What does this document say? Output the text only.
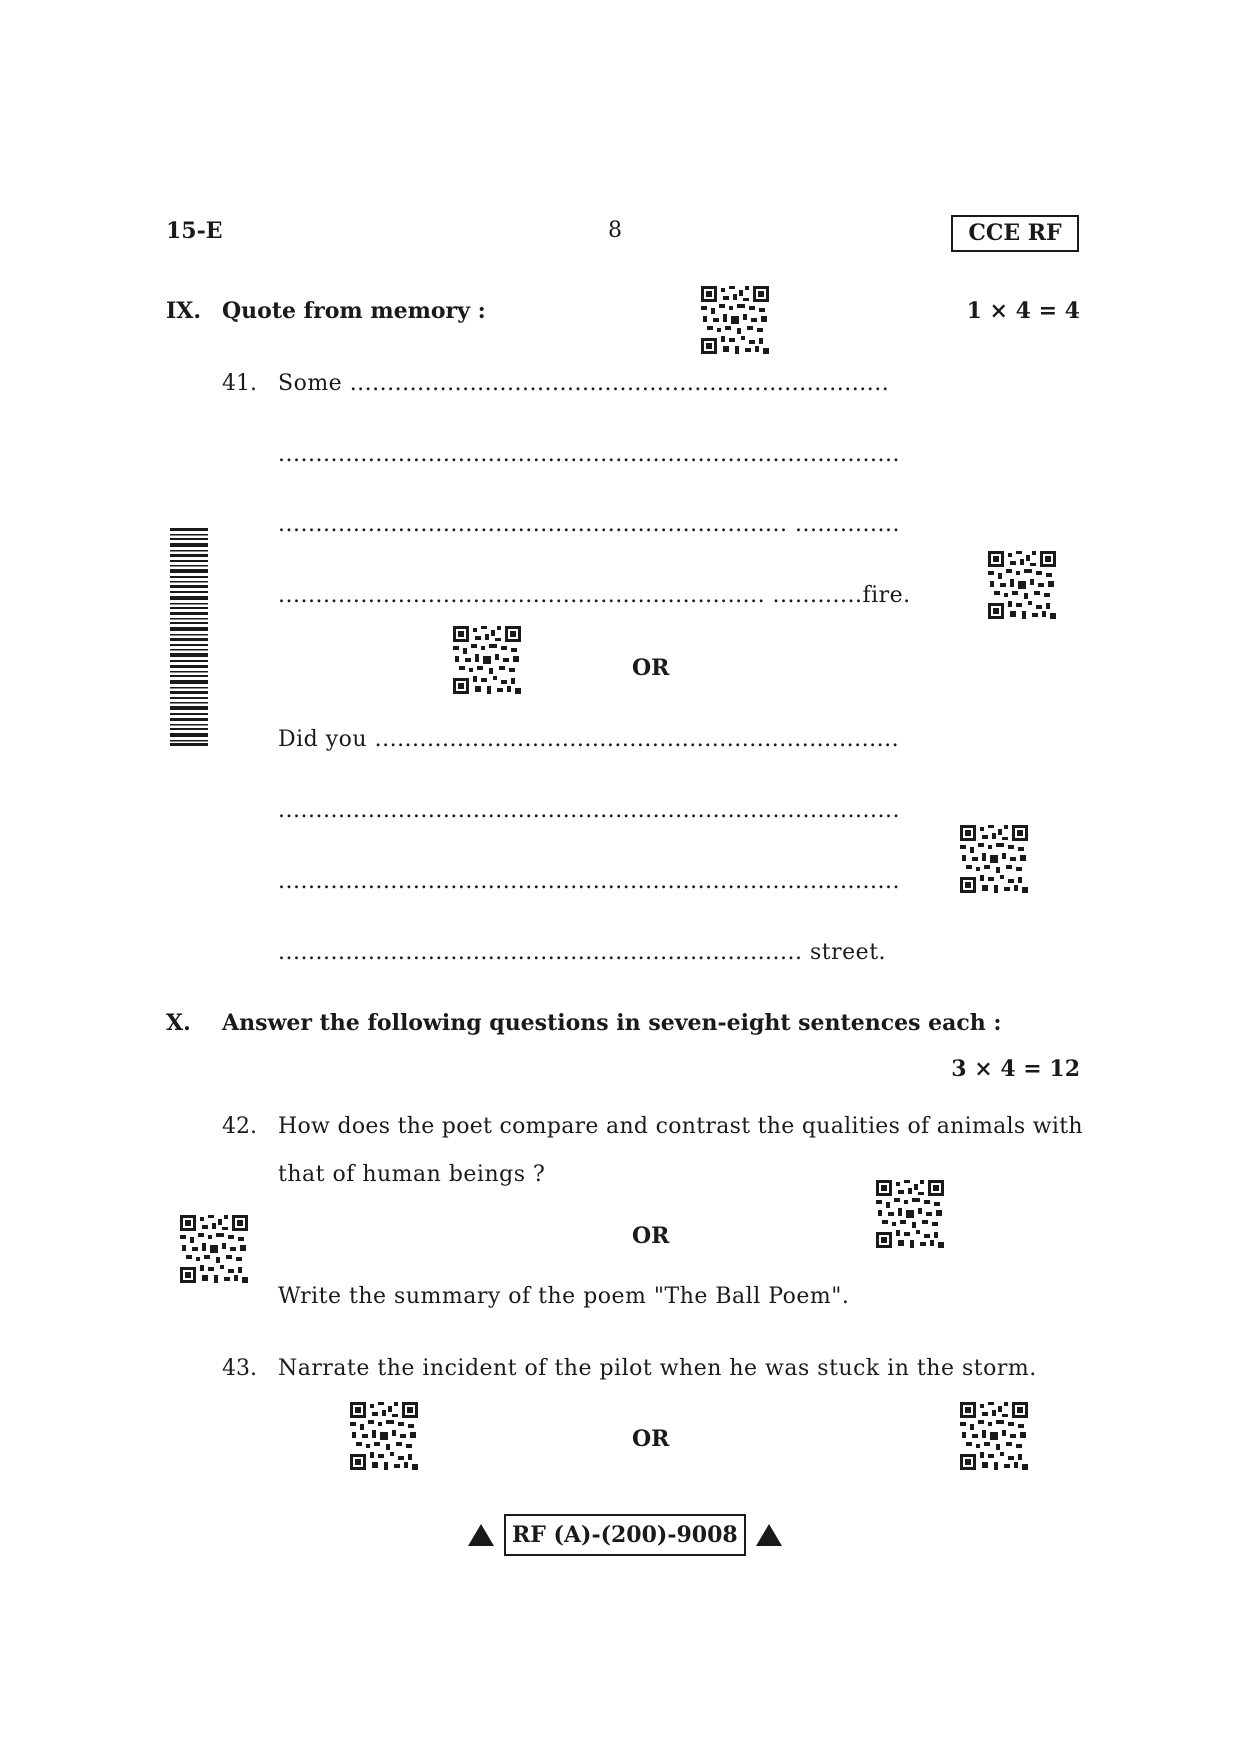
15-E	8	CCE RF
IX. Quote from memory :	1 × 4 = 4
41. Some ........................................................................
...................................................................................
.................................................................... ..............
................................................................. ............fire.
OR
Did you ......................................................................
...................................................................................
...................................................................................
...................................................................... street.
X. Answer the following questions in seven-eight sentences each :
3 × 4 = 12
42. How does the poet compare and contrast the qualities of animals with
that of human beings ?
OR
Write the summary of the poem "The Ball Poem".
43. Narrate the incident of the pilot when he was stuck in the storm.
OR
RF (A)-(200)-9008
